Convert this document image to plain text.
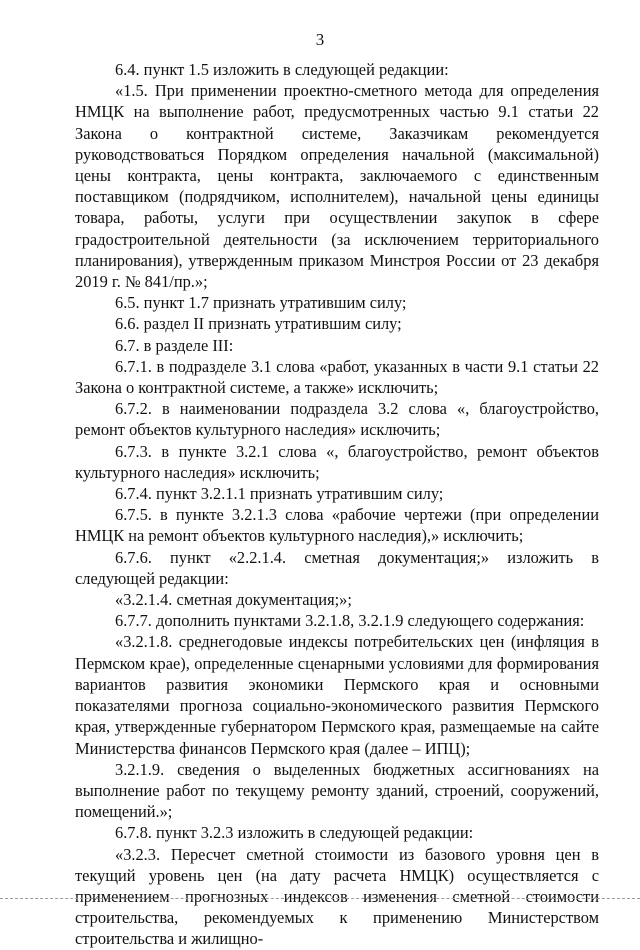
3

6.4. пункт 1.5 изложить в следующей редакции:

«1.5. При применении проектно-сметного метода для определения НМЦК на выполнение работ, предусмотренных частью 9.1 статьи 22 Закона о контрактной системе, Заказчикам рекомендуется руководствоваться Порядком определения начальной (максимальной) цены контракта, цены контракта, заключаемого с единственным поставщиком (подрядчиком, исполнителем), начальной цены единицы товара, работы, услуги при осуществлении закупок в сфере градостроительной деятельности (за исключением территориального планирования), утвержденным приказом Минстроя России от 23 декабря 2019 г. № 841/пр.»;

6.5. пункт 1.7 признать утратившим силу;

6.6. раздел II признать утратившим силу;

6.7. в разделе III:

6.7.1. в подразделе 3.1 слова «работ, указанных в части 9.1 статьи 22 Закона о контрактной системе, а также» исключить;

6.7.2. в наименовании подраздела 3.2 слова «, благоустройство, ремонт объектов культурного наследия» исключить;

6.7.3. в пункте 3.2.1 слова «, благоустройство, ремонт объектов культурного наследия» исключить;

6.7.4. пункт 3.2.1.1 признать утратившим силу;

6.7.5. в пункте 3.2.1.3 слова «рабочие чертежи (при определении НМЦК на ремонт объектов культурного наследия),» исключить;

6.7.6. пункт «2.2.1.4. сметная документация;» изложить в следующей редакции:

«3.2.1.4. сметная документация;»;

6.7.7. дополнить пунктами 3.2.1.8, 3.2.1.9 следующего содержания:

«3.2.1.8. среднегодовые индексы потребительских цен (инфляция в Пермском крае), определенные сценарными условиями для формирования вариантов развития экономики Пермского края и основными показателями прогноза социально-экономического развития Пермского края, утвержденные губернатором Пермского края, размещаемые на сайте Министерства финансов Пермского края (далее – ИПЦ);

3.2.1.9. сведения о выделенных бюджетных ассигнованиях на выполнение работ по текущему ремонту зданий, строений, сооружений, помещений.»;

6.7.8. пункт 3.2.3 изложить в следующей редакции:

«3.2.3. Пересчет сметной стоимости из базового уровня цен в текущий уровень цен (на дату расчета НМЦК) осуществляется с применением прогнозных индексов изменения сметной стоимости строительства, рекомендуемых к применению Министерством строительства и жилищно-
